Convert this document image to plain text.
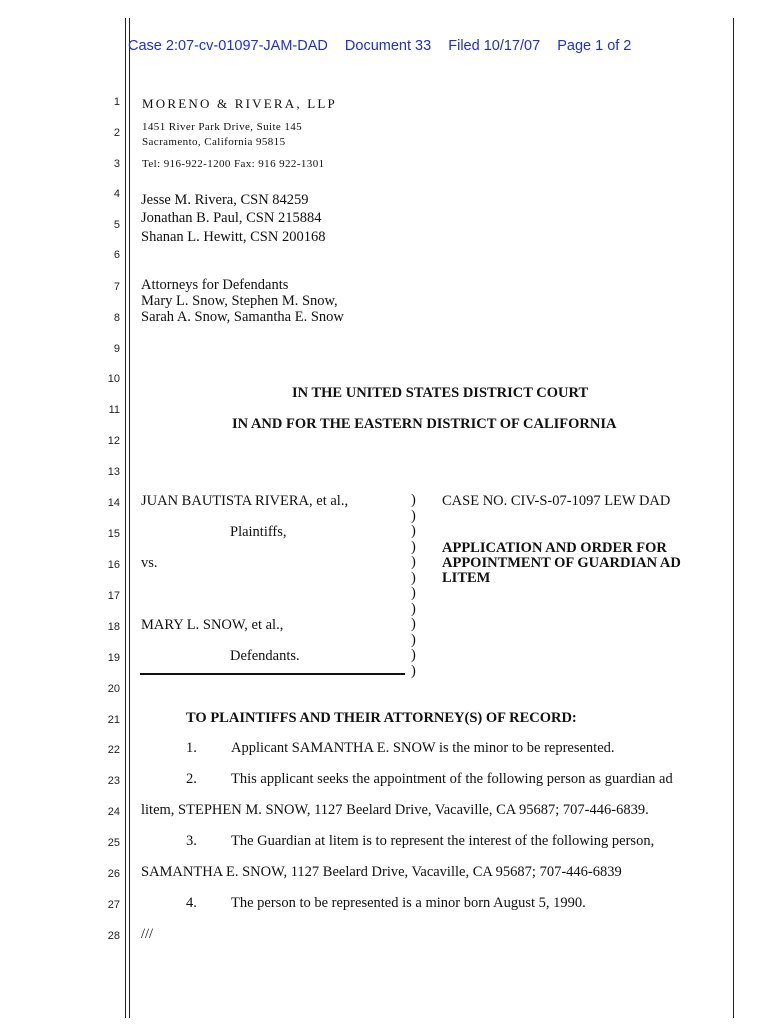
Case 2:07-cv-01097-JAM-DAD Document 33 Filed 10/17/07 Page 1 of 2
1
2
3
4
5
6
7
8
9
10
11
12
13
14
15
16
17
18
19
20
21
22
23
24
25
26
27
28
MORENO & RIVERA, LLP
1451 River Park Drive, Suite 145
Sacramento, California 95815
Tel: 916-922-1200 Fax: 916 922-1301
Jesse M. Rivera, CSN 84259
Jonathan B. Paul, CSN 215884
Shanan L. Hewitt, CSN 200168
Attorneys for Defendants
Mary L. Snow, Stephen M. Snow,
Sarah A. Snow, Samantha E. Snow
IN THE UNITED STATES DISTRICT COURT
IN AND FOR THE EASTERN DISTRICT OF CALIFORNIA
JUAN BAUTISTA RIVERA, et al.,
Plaintiffs,
vs.
MARY L. SNOW, et al.,
Defendants.
)
)
)
)
)
)
)
)
)
)
)
)
CASE NO. CIV-S-07-1097 LEW DAD
APPLICATION AND ORDER FOR
APPOINTMENT OF GUARDIAN AD
LITEM
TO PLAINTIFFS AND THEIR ATTORNEY(S) OF RECORD:
1. Applicant SAMANTHA E. SNOW is the minor to be represented.
2. This applicant seeks the appointment of the following person as guardian ad
litem, STEPHEN M. SNOW, 1127 Beelard Drive, Vacaville, CA 95687; 707-446-6839.
3. The Guardian at litem is to represent the interest of the following person,
SAMANTHA E. SNOW, 1127 Beelard Drive, Vacaville, CA 95687; 707-446-6839
4. The person to be represented is a minor born August 5, 1990.
///
